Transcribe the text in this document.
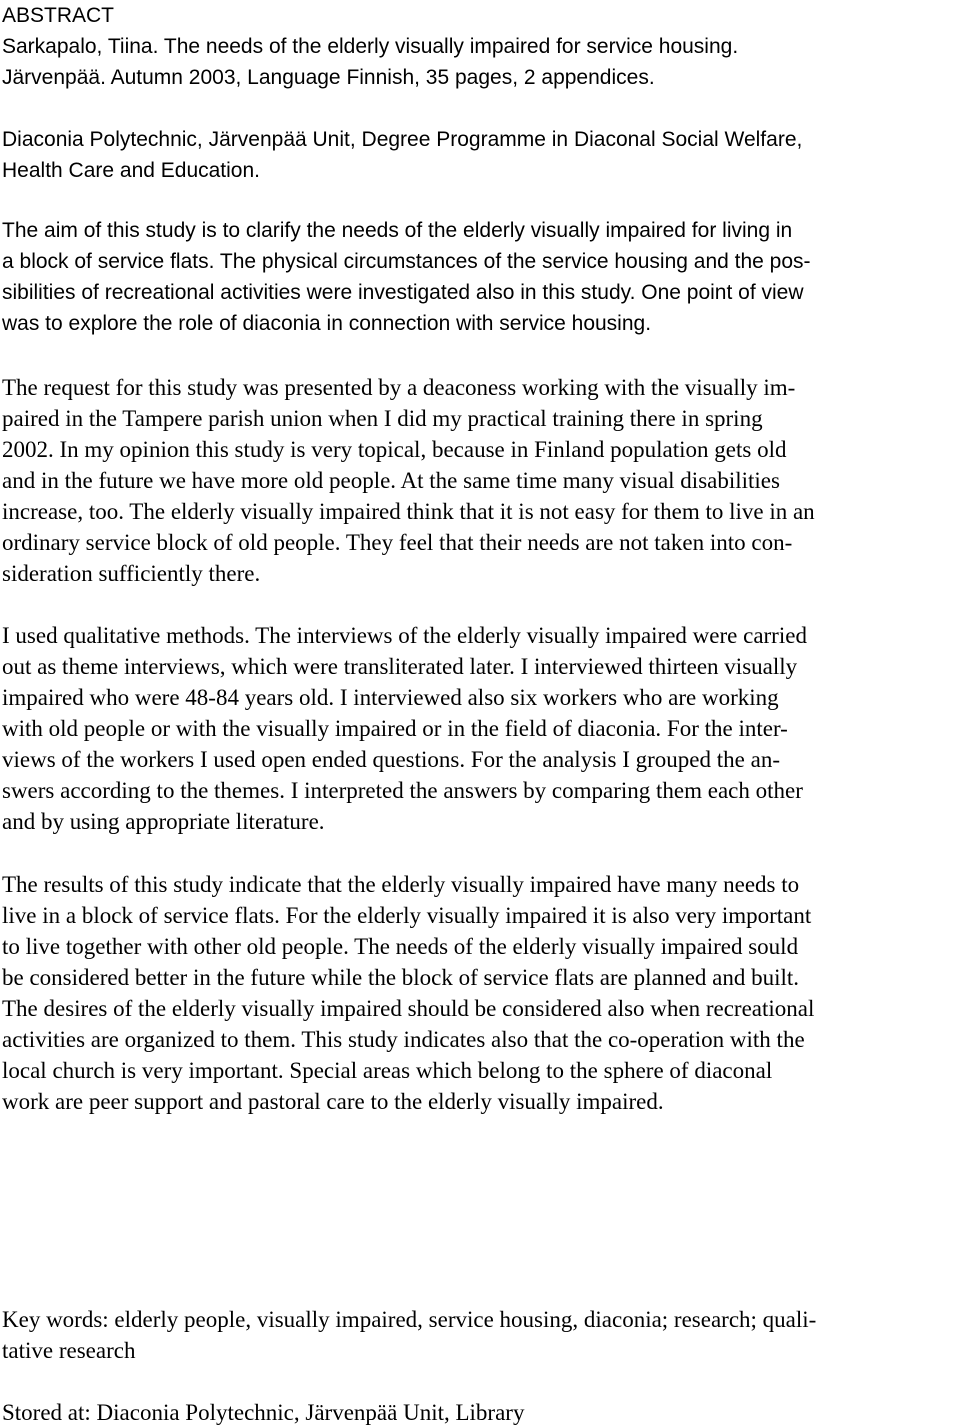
ABSTRACT
Sarkapalo, Tiina. The needs of the elderly visually impaired for service housing.
Järvenpää. Autumn 2003, Language Finnish, 35 pages, 2 appendices.
Diaconia Polytechnic, Järvenpää Unit, Degree Programme in Diaconal Social Welfare,
Health Care and Education.
The aim of this study is to clarify the needs of the elderly visually impaired for living in
a block of service flats. The physical circumstances of the service housing and the pos-
sibilities of recreational activities were investigated also in this study. One point of view
was to explore the role of diaconia in connection with service housing.
The request for this study was presented by a deaconess working with the visually im-
paired in the Tampere parish union when I did my practical training there in spring
2002. In my opinion this study is very topical, because in Finland population gets old
and in the future we have more old people. At the same time many visual disabilities
increase, too. The elderly visually impaired think that it is not easy for them to live in an
ordinary service block of old people. They feel that their needs are not taken into con-
sideration sufficiently there.
I used qualitative methods. The interviews of the elderly visually impaired were carried
out as theme interviews, which were transliterated later. I interviewed thirteen visually
impaired who were 48-84 years old. I interviewed also six workers who are working
with old people or with the visually impaired or in the field of diaconia. For the inter-
views of the workers I used open ended questions. For the analysis I grouped the an-
swers according to the themes. I interpreted the answers by comparing them each other
and by using appropriate literature.
The results of this study indicate that the elderly visually impaired have many needs to
live in a block of service flats. For the elderly visually impaired it is also very important
to live together with other old people. The needs of the elderly visually impaired sould
be considered better in the future while the block of service flats are planned and built.
The desires of the elderly visually impaired should be considered also when recreational
activities are organized to them. This study indicates also that the co-operation with the
local church is very important. Special areas which belong to the sphere of diaconal
work are peer support and pastoral care to the elderly visually impaired.
Key words: elderly people, visually impaired, service housing, diaconia; research; quali-
tative research
Stored at: Diaconia Polytechnic, Järvenpää Unit, Library
